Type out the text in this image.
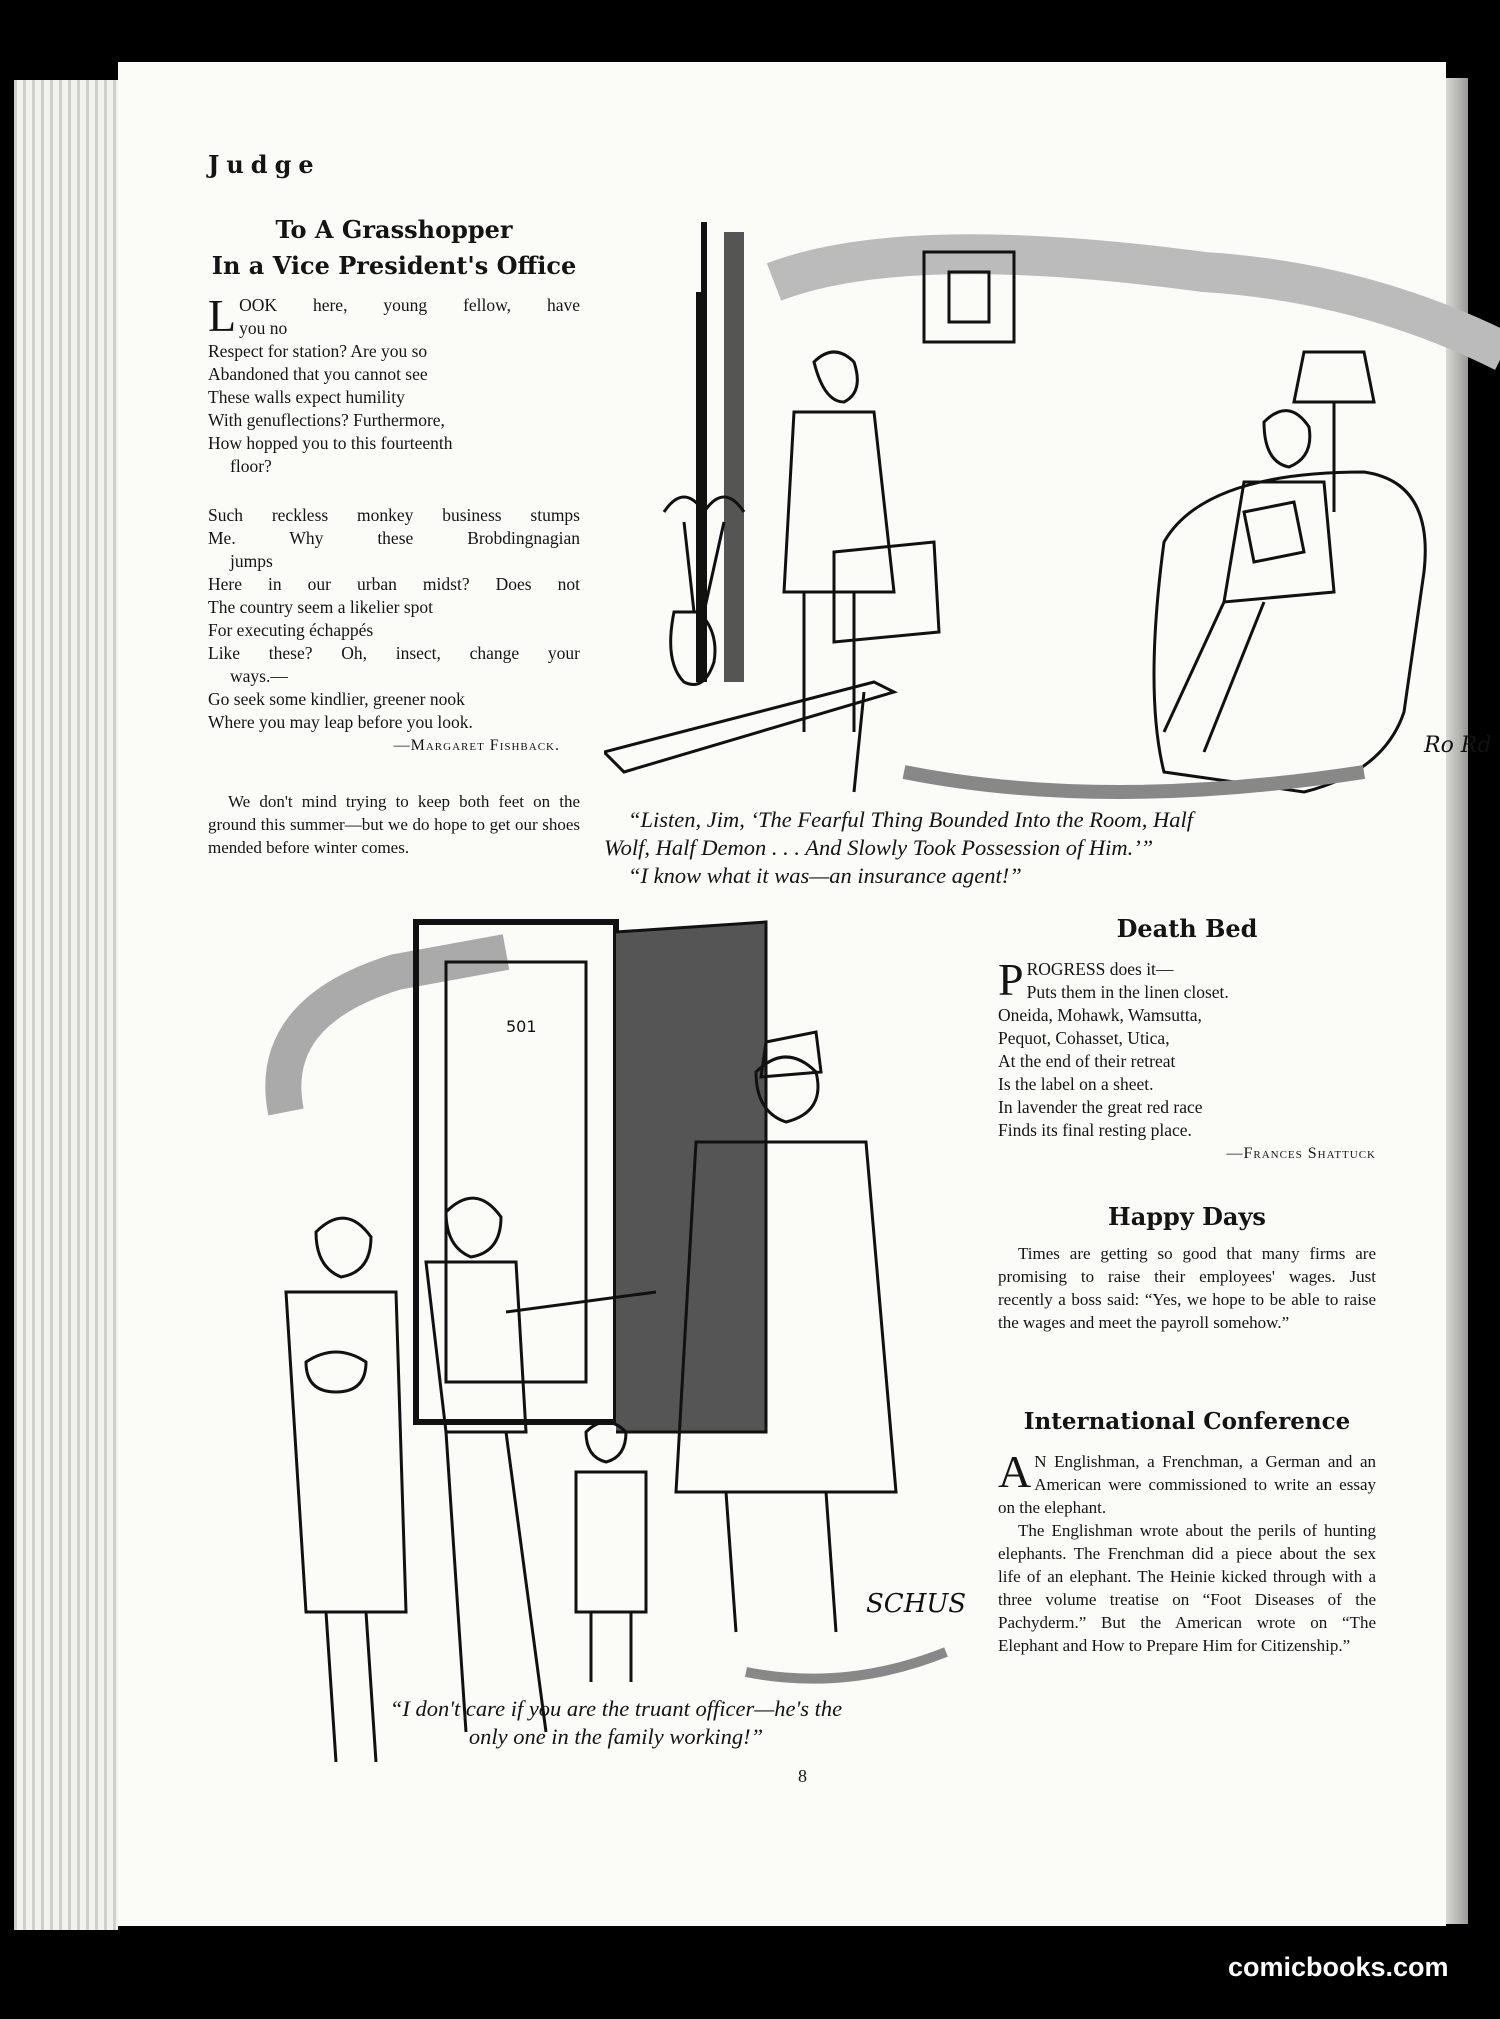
Judge
To A Grasshopper
In a Vice President's Office
L OOK here, young fellow, have
you no
Respect for station? Are you so
Abandoned that you cannot see
These walls expect humility
With genuflections? Furthermore,
How hopped you to this fourteenth
floor?
Such reckless monkey business stumps
Me. Why these Brobdingnagian
jumps
Here in our urban midst? Does not
The country seem a likelier spot
For executing échappés
Like these? Oh, insect, change your
ways.—
Go seek some kindlier, greener nook
Where you may leap before you look.
—Margaret Fishback.

We don't mind trying to keep both feet on the ground this summer—but we do hope to get our shoes mended before winter comes.

Ro Rd
“Listen, Jim, ‘The Fearful Thing Bounded Into the Room, Half
Wolf, Half Demon . . . And Slowly Took Possession of Him.’”
“I know what it was—an insurance agent!”
501
SCHUS
“I don't care if you are the truant officer—he's the
only one in the family working!”
Death Bed
P ROGRESS does it—
Puts them in the linen closet.
Oneida, Mohawk, Wamsutta,
Pequot, Cohasset, Utica,
At the end of their retreat
Is the label on a sheet.
In lavender the great red race
Finds its final resting place.
—Frances Shattuck
Happy Days

Times are getting so good that many firms are promising to raise their employees' wages. Just recently a boss said: “Yes, we hope to be able to raise the wages and meet the payroll somehow.”

International Conference

A N Englishman, a Frenchman, a German and an American were commissioned to write an essay on the elephant.

The Englishman wrote about the perils of hunting elephants. The Frenchman did a piece about the sex life of an elephant. The Heinie kicked through with a three volume treatise on “Foot Diseases of the Pachyderm.” But the American wrote on “The Elephant and How to Prepare Him for Citizenship.”

8
comicbooks.com
